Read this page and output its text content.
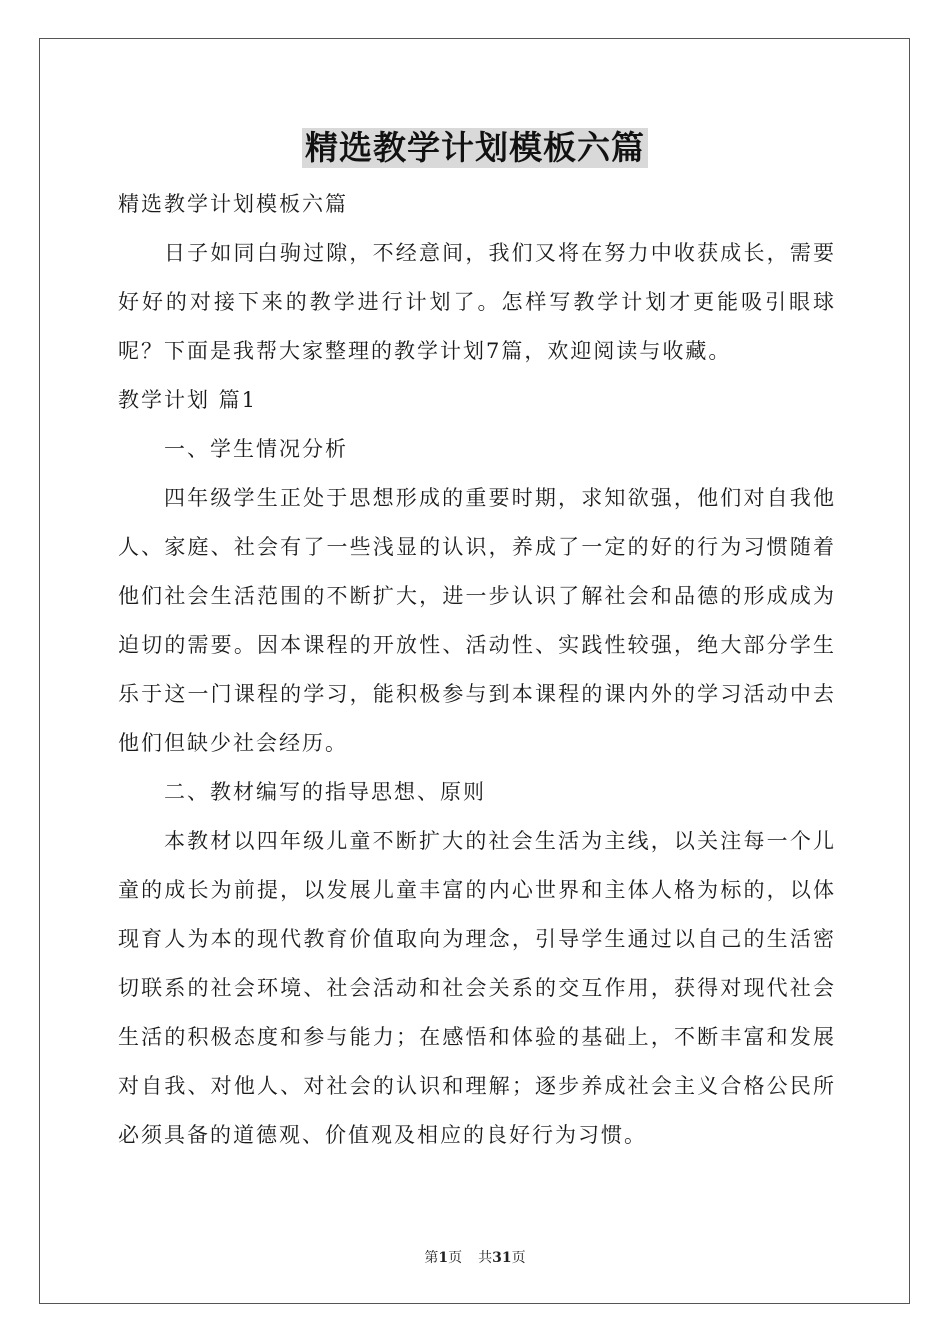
精选教学计划模板六篇

精选教学计划模板六篇

日子如同白驹过隙，不经意间，我们又将在努力中收获成长，需要好好的对接下来的教学进行计划了。怎样写教学计划才更能吸引眼球呢？下面是我帮大家整理的教学计划7篇，欢迎阅读与收藏。

教学计划 篇1

一、学生情况分析

四年级学生正处于思想形成的重要时期，求知欲强，他们对自我他人、家庭、社会有了一些浅显的认识，养成了一定的好的行为习惯随着他们社会生活范围的不断扩大，进一步认识了解社会和品德的形成成为迫切的需要。因本课程的开放性、活动性、实践性较强，绝大部分学生乐于这一门课程的学习，能积极参与到本课程的课内外的学习活动中去他们但缺少社会经历。

二、教材编写的指导思想、原则

本教材以四年级儿童不断扩大的社会生活为主线，以关注每一个儿童的成长为前提，以发展儿童丰富的内心世界和主体人格为标的，以体现育人为本的现代教育价值取向为理念，引导学生通过以自己的生活密切联系的社会环境、社会活动和社会关系的交互作用，获得对现代社会生活的积极态度和参与能力；在感悟和体验的基础上，不断丰富和发展对自我、对他人、对社会的认识和理解；逐步养成社会主义合格公民所必须具备的道德观、价值观及相应的良好行为习惯。

第1页 共31页
